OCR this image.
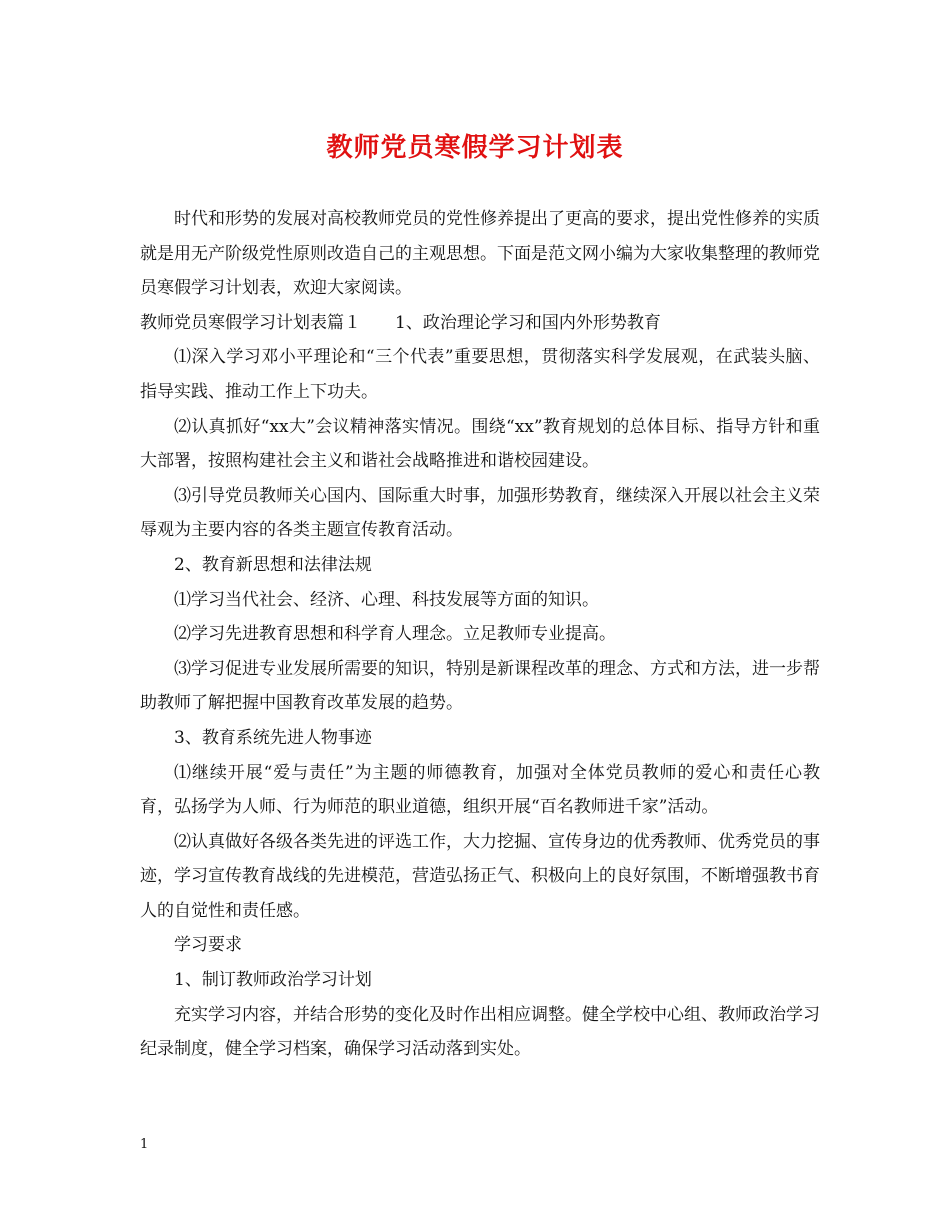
教师党员寒假学习计划表

时代和形势的发展对高校教师党员的党性修养提出了更高的要求，提出党性修养的实质就是用无产阶级党性原则改造自己的主观思想。下面是范文网小编为大家收集整理的教师党员寒假学习计划表，欢迎大家阅读。

教师党员寒假学习计划表篇１　　1、政治理论学习和国内外形势教育

⑴深入学习邓小平理论和“三个代表”重要思想，贯彻落实科学发展观，在武装头脑、指导实践、推动工作上下功夫。

⑵认真抓好“xx大”会议精神落实情况。围绕“xx”教育规划的总体目标、指导方针和重大部署，按照构建社会主义和谐社会战略推进和谐校园建设。

⑶引导党员教师关心国内、国际重大时事，加强形势教育，继续深入开展以社会主义荣辱观为主要内容的各类主题宣传教育活动。

2、教育新思想和法律法规

⑴学习当代社会、经济、心理、科技发展等方面的知识。

⑵学习先进教育思想和科学育人理念。立足教师专业提高。

⑶学习促进专业发展所需要的知识，特别是新课程改革的理念、方式和方法，进一步帮助教师了解把握中国教育改革发展的趋势。

3、教育系统先进人物事迹

⑴继续开展“爱与责任”为主题的师德教育，加强对全体党员教师的爱心和责任心教育，弘扬学为人师、行为师范的职业道德，组织开展“百名教师进千家”活动。

⑵认真做好各级各类先进的评选工作，大力挖掘、宣传身边的优秀教师、优秀党员的事迹，学习宣传教育战线的先进模范，营造弘扬正气、积极向上的良好氛围，不断增强教书育人的自觉性和责任感。

学习要求

1、制订教师政治学习计划

充实学习内容，并结合形势的变化及时作出相应调整。健全学校中心组、教师政治学习纪录制度，健全学习档案，确保学习活动落到实处。

1
